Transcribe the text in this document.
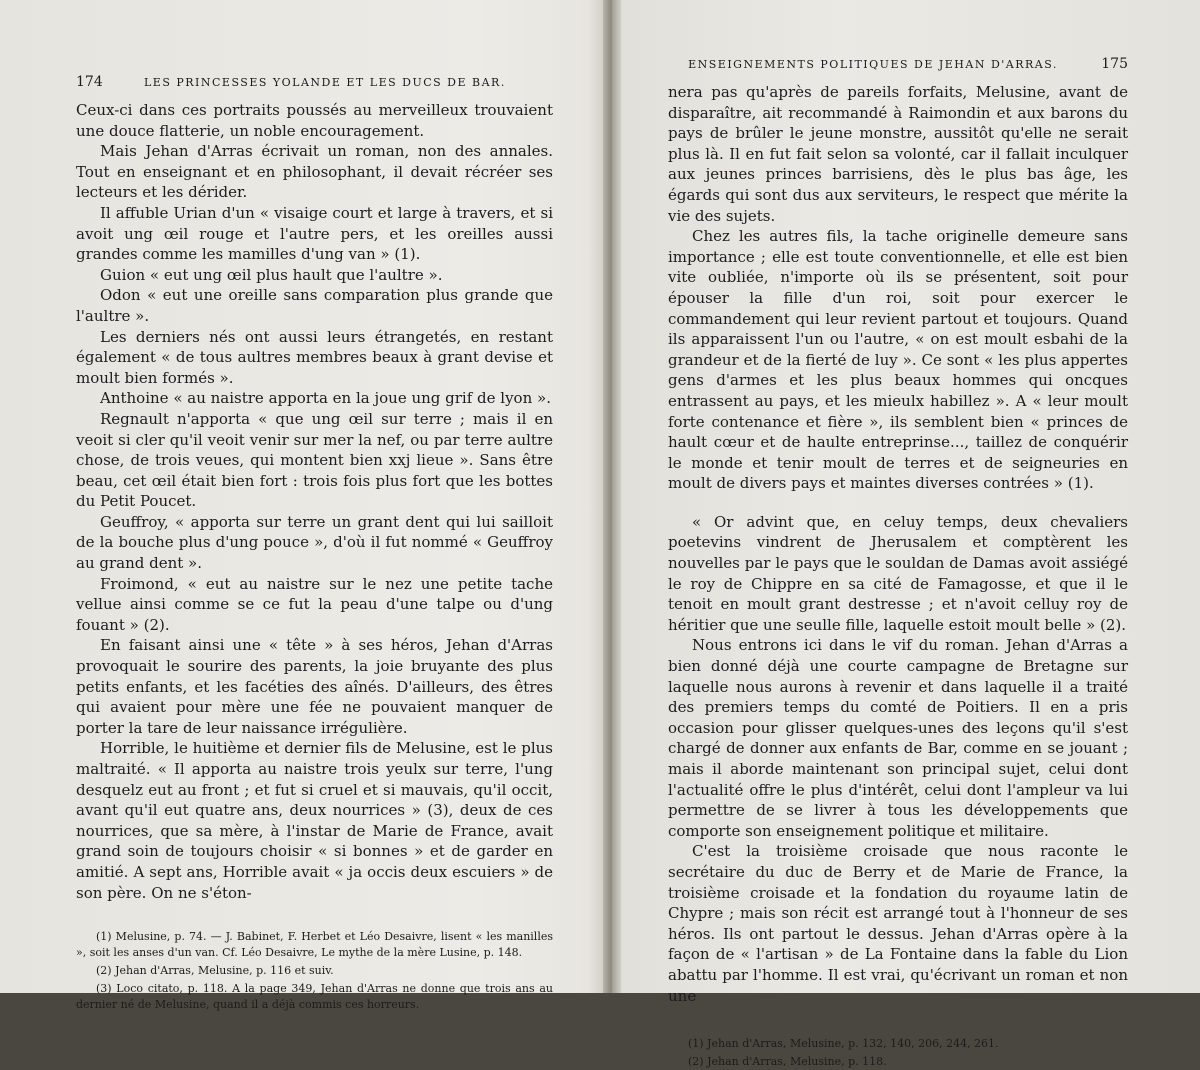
174	LES PRINCESSES YOLANDE ET LES DUCS DE BAR.

Ceux-ci dans ces portraits poussés au merveilleux trouvaient une douce flatterie, un noble encouragement.

Mais Jehan d'Arras écrivait un roman, non des annales. Tout en enseignant et en philosophant, il devait récréer ses lecteurs et les dérider.

Il affuble Urian d'un « visaige court et large à travers, et si avoit ung œil rouge et l'autre pers, et les oreilles aussi grandes comme les mamilles d'ung van » (1).

Guion « eut ung œil plus hault que l'aultre ».

Odon « eut une oreille sans comparation plus grande que l'aultre ».

Les derniers nés ont aussi leurs étrangetés, en restant également « de tous aultres membres beaux à grant devise et moult bien formés ».

Anthoine « au naistre apporta en la joue ung grif de lyon ».

Regnault n'apporta « que ung œil sur terre ; mais il en veoit si cler qu'il veoit venir sur mer la nef, ou par terre aultre chose, de trois veues, qui montent bien xxj lieue ». Sans être beau, cet œil était bien fort : trois fois plus fort que les bottes du Petit Poucet.

Geuffroy, « apporta sur terre un grant dent qui lui sailloit de la bouche plus d'ung pouce », d'où il fut nommé « Geuffroy au grand dent ».

Froimond, « eut au naistre sur le nez une petite tache vellue ainsi comme se ce fut la peau d'une talpe ou d'ung fouant » (2).

En faisant ainsi une « tête » à ses héros, Jehan d'Arras provoquait le sourire des parents, la joie bruyante des plus petits enfants, et les facéties des aînés. D'ailleurs, des êtres qui avaient pour mère une fée ne pouvaient manquer de porter la tare de leur naissance irrégulière.

Horrible, le huitième et dernier fils de Melusine, est le plus maltraité. « Il apporta au naistre trois yeulx sur terre, l'ung desquelz eut au front ; et fut si cruel et si mauvais, qu'il occit, avant qu'il eut quatre ans, deux nourrices » (3), deux de ces nourrices, que sa mère, à l'instar de Marie de France, avait grand soin de toujours choisir « si bonnes » et de garder en amitié. A sept ans, Horrible avait « ja occis deux escuiers » de son père. On ne s'éton-

(1) Melusine, p. 74. — J. Babinet, F. Herbet et Léo Desaivre, lisent « les manilles », soit les anses d'un van. Cf. Léo Desaivre, Le mythe de la mère Lusine, p. 148.

(2) Jehan d'Arras, Melusine, p. 116 et suiv.

(3) Loco citato, p. 118. A la page 349, Jehan d'Arras ne donne que trois ans au dernier né de Melusine, quand il a déjà commis ces horreurs.

ENSEIGNEMENTS POLITIQUES DE JEHAN D'ARRAS.	175

nera pas qu'après de pareils forfaits, Melusine, avant de disparaître, ait recommandé à Raimondin et aux barons du pays de brûler le jeune monstre, aussitôt qu'elle ne serait plus là. Il en fut fait selon sa volonté, car il fallait inculquer aux jeunes princes barrisiens, dès le plus bas âge, les égards qui sont dus aux serviteurs, le respect que mérite la vie des sujets.

Chez les autres fils, la tache originelle demeure sans importance ; elle est toute conventionnelle, et elle est bien vite oubliée, n'importe où ils se présentent, soit pour épouser la fille d'un roi, soit pour exercer le commandement qui leur revient partout et toujours. Quand ils apparaissent l'un ou l'autre, « on est moult esbahi de la grandeur et de la fierté de luy ». Ce sont « les plus appertes gens d'armes et les plus beaux hommes qui oncques entrassent au pays, et les mieulx habillez ». A « leur moult forte contenance et fière », ils semblent bien « princes de hault cœur et de haulte entreprinse..., taillez de conquérir le monde et tenir moult de terres et de seigneuries en moult de divers pays et maintes diverses contrées » (1).

« Or advint que, en celuy temps, deux chevaliers poetevins vindrent de Jherusalem et comptèrent les nouvelles par le pays que le souldan de Damas avoit assiégé le roy de Chippre en sa cité de Famagosse, et que il le tenoit en moult grant destresse ; et n'avoit celluy roy de héritier que une seulle fille, laquelle estoit moult belle » (2).

Nous entrons ici dans le vif du roman. Jehan d'Arras a bien donné déjà une courte campagne de Bretagne sur laquelle nous aurons à revenir et dans laquelle il a traité des premiers temps du comté de Poitiers. Il en a pris occasion pour glisser quelques-unes des leçons qu'il s'est chargé de donner aux enfants de Bar, comme en se jouant ; mais il aborde maintenant son principal sujet, celui dont l'actualité offre le plus d'intérêt, celui dont l'ampleur va lui permettre de se livrer à tous les développements que comporte son enseignement politique et militaire.

C'est la troisième croisade que nous raconte le secrétaire du duc de Berry et de Marie de France, la troisième croisade et la fondation du royaume latin de Chypre ; mais son récit est arrangé tout à l'honneur de ses héros. Ils ont partout le dessus. Jehan d'Arras opère à la façon de « l'artisan » de La Fontaine dans la fable du Lion abattu par l'homme. Il est vrai, qu'écrivant un roman et non une

(1) Jehan d'Arras, Melusine, p. 132, 140, 206, 244, 261.

(2) Jehan d'Arras, Melusine, p. 118.
